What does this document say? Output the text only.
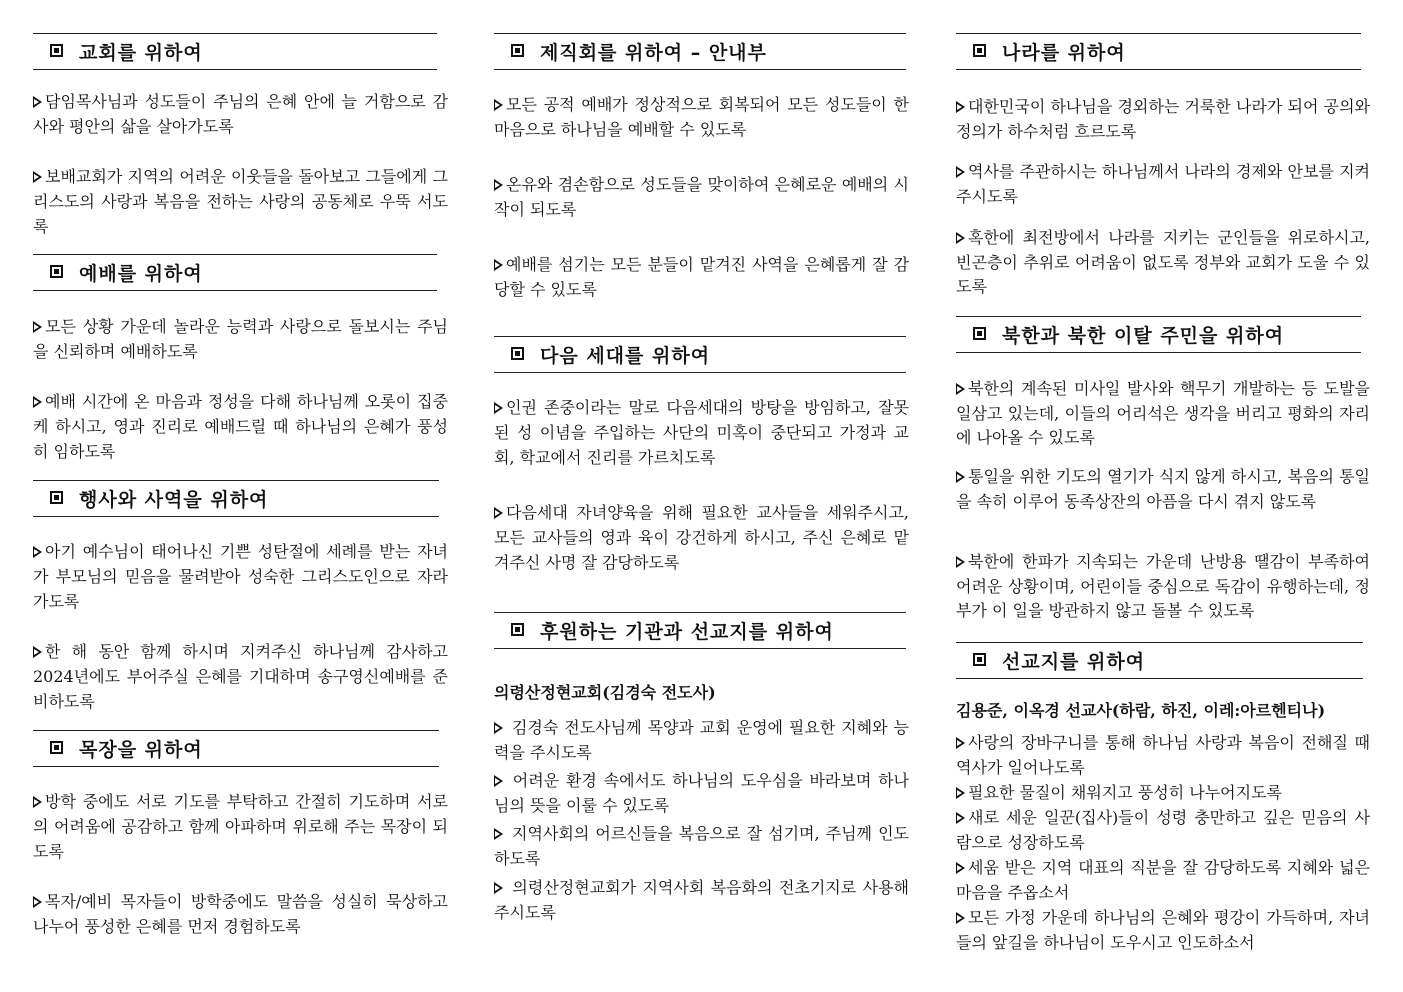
교회를 위하여
담임목사님과 성도들이 주님의 은혜 안에 늘 거함으로 감사와 평안의 삶을 살아가도록
보배교회가 지역의 어려운 이웃들을 돌아보고 그들에게 그리스도의 사랑과 복음을 전하는 사랑의 공동체로 우뚝 서도록
예배를 위하여
모든 상황 가운데 놀라운 능력과 사랑으로 돌보시는 주님을 신뢰하며 예배하도록
예배 시간에 온 마음과 정성을 다해 하나님께 오롯이 집중케 하시고, 영과 진리로 예배드릴 때 하나님의 은혜가 풍성히 임하도록
행사와 사역을 위하여
아기 예수님이 태어나신 기쁜 성탄절에 세례를 받는 자녀가 부모님의 믿음을 물려받아 성숙한 그리스도인으로 자라가도록
한 해 동안 함께 하시며 지켜주신 하나님께 감사하고 2024년에도 부어주실 은혜를 기대하며 송구영신예배를 준비하도록
목장을 위하여
방학 중에도 서로 기도를 부탁하고 간절히 기도하며 서로의 어려움에 공감하고 함께 아파하며 위로해 주는 목장이 되도록
목자/예비 목자들이 방학중에도 말씀을 성실히 묵상하고 나누어 풍성한 은혜를 먼저 경험하도록
제직회를 위하여 – 안내부
모든 공적 예배가 정상적으로 회복되어 모든 성도들이 한마음으로 하나님을 예배할 수 있도록
온유와 겸손함으로 성도들을 맞이하여 은혜로운 예배의 시작이 되도록
예배를 섬기는 모든 분들이 맡겨진 사역을 은혜롭게 잘 감당할 수 있도록
다음 세대를 위하여
인권 존중이라는 말로 다음세대의 방탕을 방임하고, 잘못된 성 이념을 주입하는 사단의 미혹이 중단되고 가정과 교회, 학교에서 진리를 가르치도록
다음세대 자녀양육을 위해 필요한 교사들을 세워주시고, 모든 교사들의 영과 육이 강건하게 하시고, 주신 은혜로 맡겨주신 사명 잘 감당하도록
후원하는 기관과 선교지를 위하여
의령산정현교회(김경숙 전도사)
김경숙 전도사님께 목양과 교회 운영에 필요한 지혜와 능력을 주시도록
어려운 환경 속에서도 하나님의 도우심을 바라보며 하나님의 뜻을 이룰 수 있도록
지역사회의 어르신들을 복음으로 잘 섬기며, 주님께 인도하도록
의령산정현교회가 지역사회 복음화의 전초기지로 사용해 주시도록
나라를 위하여
대한민국이 하나님을 경외하는 거룩한 나라가 되어 공의와 정의가 하수처럼 흐르도록
역사를 주관하시는 하나님께서 나라의 경제와 안보를 지켜주시도록
혹한에 최전방에서 나라를 지키는 군인들을 위로하시고, 빈곤층이 추위로 어려움이 없도록 정부와 교회가 도울 수 있도록
북한과 북한 이탈 주민을 위하여
북한의 계속된 미사일 발사와 핵무기 개발하는 등 도발을 일삼고 있는데, 이들의 어리석은 생각을 버리고 평화의 자리에 나아올 수 있도록
통일을 위한 기도의 열기가 식지 않게 하시고, 복음의 통일을 속히 이루어 동족상잔의 아픔을 다시 겪지 않도록
북한에 한파가 지속되는 가운데 난방용 땔감이 부족하여 어려운 상황이며, 어린이들 중심으로 독감이 유행하는데, 정부가 이 일을 방관하지 않고 돌볼 수 있도록
선교지를 위하여
김용준, 이옥경 선교사(하람, 하진, 이레:아르헨티나)
사랑의 장바구니를 통해 하나님 사랑과 복음이 전해질 때 역사가 일어나도록
필요한 물질이 채워지고 풍성히 나누어지도록
새로 세운 일꾼(집사)들이 성령 충만하고 깊은 믿음의 사람으로 성장하도록
세움 받은 지역 대표의 직분을 잘 감당하도록 지혜와 넓은 마음을 주옵소서
모든 가정 가운데 하나님의 은혜와 평강이 가득하며, 자녀들의 앞길을 하나님이 도우시고 인도하소서
